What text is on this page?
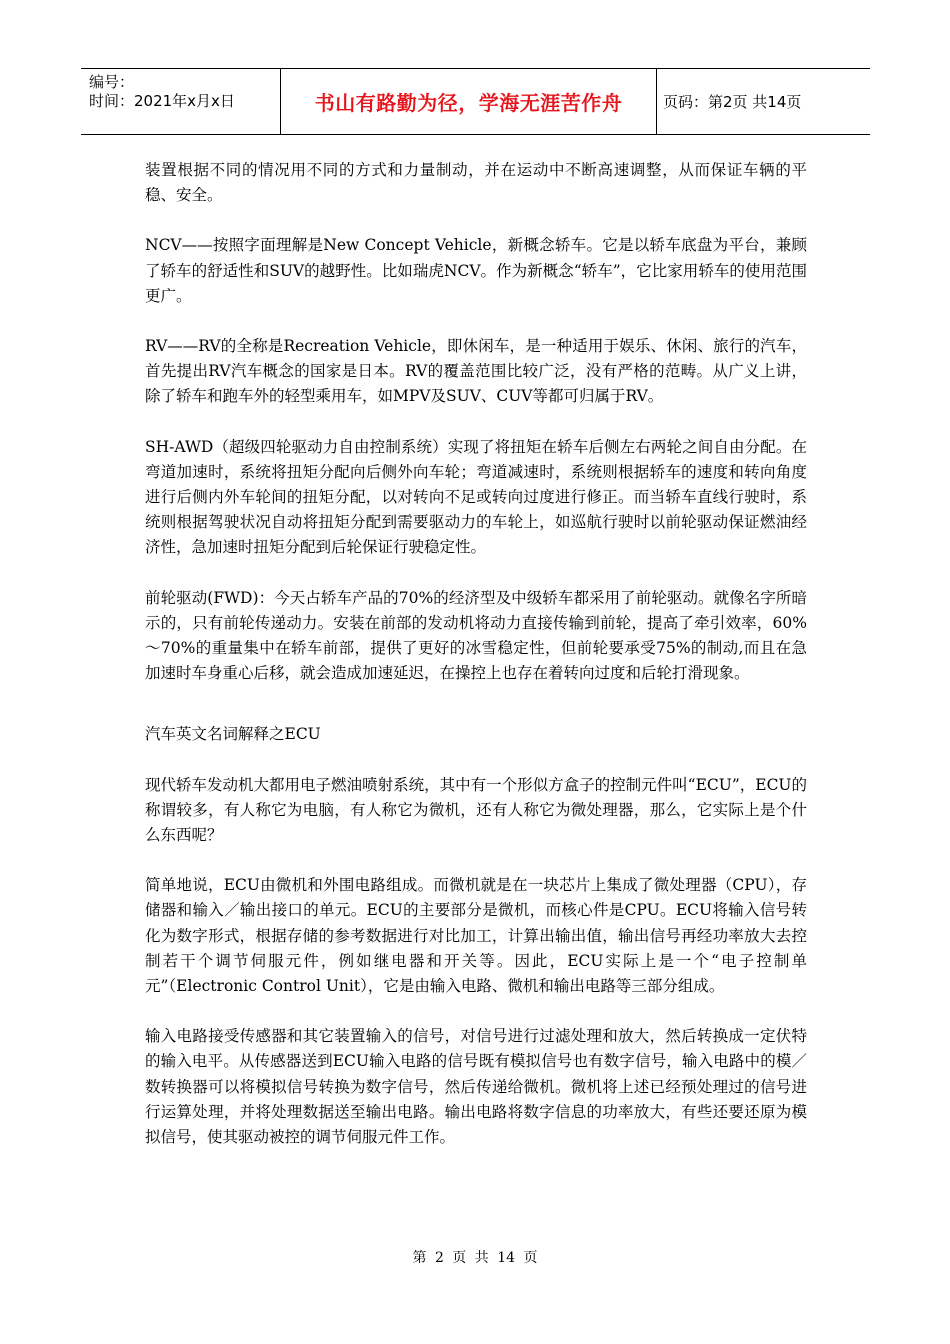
编号：
时间：2021年x月x日	书山有路勤为径，学海无涯苦作舟	页码：第2页 共14页

装置根据不同的情况用不同的方式和力量制动，并在运动中不断高速调整，从而保证车辆的平稳、安全。

NCV——按照字面理解是New Concept Vehicle，新概念轿车。它是以轿车底盘为平台，兼顾了轿车的舒适性和SUV的越野性。比如瑞虎NCV。作为新概念“轿车”，它比家用轿车的使用范围更广。

RV——RV的全称是Recreation Vehicle，即休闲车，是一种适用于娱乐、休闲、旅行的汽车，首先提出RV汽车概念的国家是日本。RV的覆盖范围比较广泛，没有严格的范畴。从广义上讲，除了轿车和跑车外的轻型乘用车，如MPV及SUV、CUV等都可归属于RV。

SH-AWD（超级四轮驱动力自由控制系统）实现了将扭矩在轿车后侧左右两轮之间自由分配。在弯道加速时，系统将扭矩分配向后侧外向车轮；弯道减速时，系统则根据轿车的速度和转向角度进行后侧内外车轮间的扭矩分配，以对转向不足或转向过度进行修正。而当轿车直线行驶时，系统则根据驾驶状况自动将扭矩分配到需要驱动力的车轮上，如巡航行驶时以前轮驱动保证燃油经济性，急加速时扭矩分配到后轮保证行驶稳定性。

前轮驱动(FWD)：今天占轿车产品的70%的经济型及中级轿车都采用了前轮驱动。就像名字所暗示的，只有前轮传递动力。安装在前部的发动机将动力直接传输到前轮，提高了牵引效率，60%～70%的重量集中在轿车前部，提供了更好的冰雪稳定性，但前轮要承受75%的制动,而且在急加速时车身重心后移，就会造成加速延迟，在操控上也存在着转向过度和后轮打滑现象。

汽车英文名词解释之ECU

现代轿车发动机大都用电子燃油喷射系统，其中有一个形似方盒子的控制元件叫“ECU”，ECU的称谓较多，有人称它为电脑，有人称它为微机，还有人称它为微处理器，那么，它实际上是个什么东西呢？

简单地说，ECU由微机和外围电路组成。而微机就是在一块芯片上集成了微处理器（CPU），存储器和输入／输出接口的单元。ECU的主要部分是微机，而核心件是CPU。ECU将输入信号转化为数字形式，根据存储的参考数据进行对比加工，计算出输出值，输出信号再经功率放大去控制若干个调节伺服元件，例如继电器和开关等。因此，ECU实际上是一个“电子控制单元”（Electronic Control Unit），它是由输入电路、微机和输出电路等三部分组成。

输入电路接受传感器和其它装置输入的信号，对信号进行过滤处理和放大，然后转换成一定伏特的输入电平。从传感器送到ECU输入电路的信号既有模拟信号也有数字信号，输入电路中的模／数转换器可以将模拟信号转换为数字信号，然后传递给微机。微机将上述已经预处理过的信号进行运算处理，并将处理数据送至输出电路。输出电路将数字信息的功率放大，有些还要还原为模拟信号，使其驱动被控的调节伺服元件工作。

第 2 页 共 14 页
